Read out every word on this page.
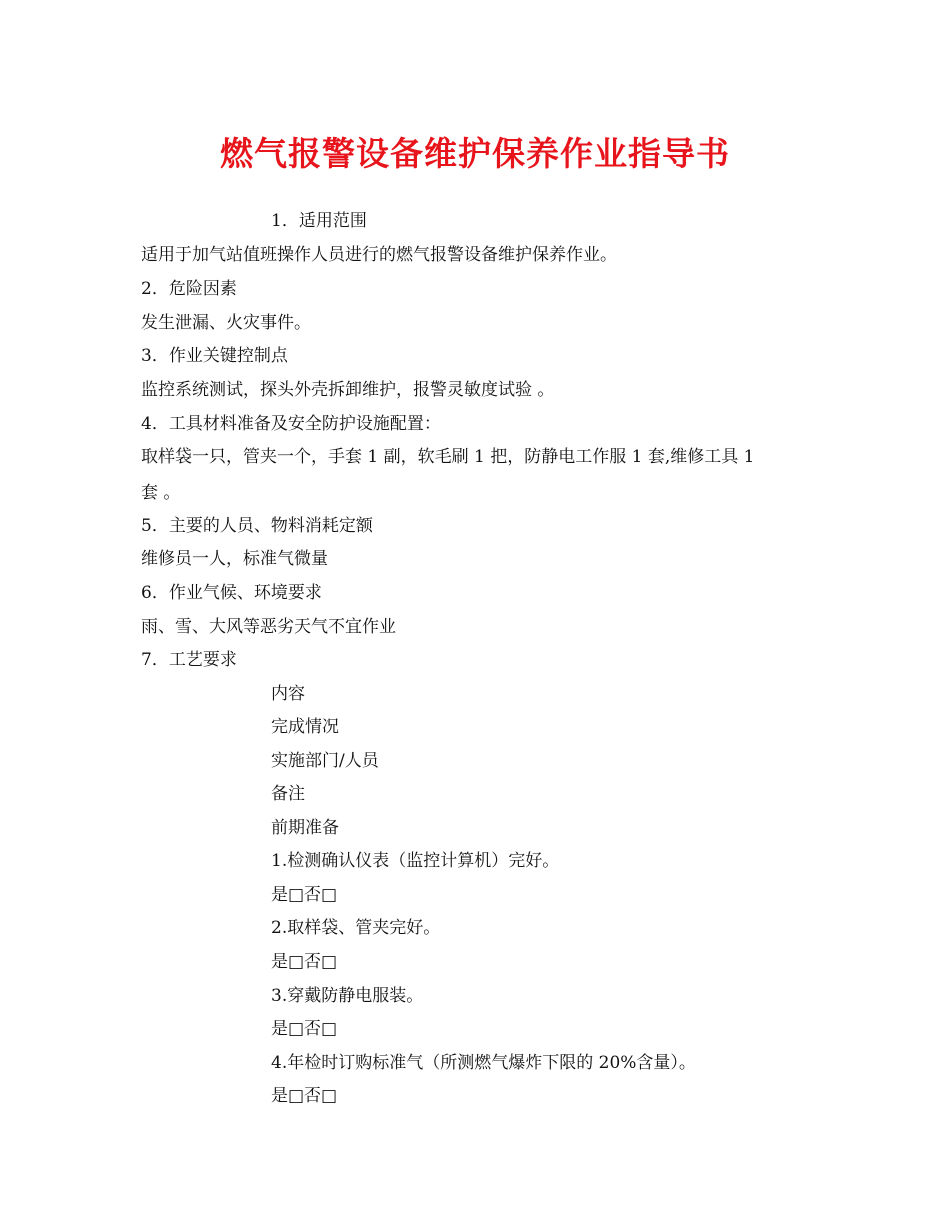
燃气报警设备维护保养作业指导书
1．适用范围
适用于加气站值班操作人员进行的燃气报警设备维护保养作业。
2．危险因素
发生泄漏、火灾事件。
3．作业关键控制点
监控系统测试，探头外壳拆卸维护，报警灵敏度试验 。
4．工具材料准备及安全防护设施配置：
取样袋一只，管夹一个，手套 1 副，软毛刷 1 把，防静电工作服 1 套,维修工具 1
套 。
5．主要的人员、物料消耗定额
维修员一人，标准气微量
6．作业气候、环境要求
雨、雪、大风等恶劣天气不宜作业
7．工艺要求
内容
完成情况
实施部门/人员
备注
前期准备
1.检测确认仪表（监控计算机）完好。
是□否□
2.取样袋、管夹完好。
是□否□
3.穿戴防静电服装。
是□否□
4.年检时订购标准气（所测燃气爆炸下限的 20%含量）。
是□否□
